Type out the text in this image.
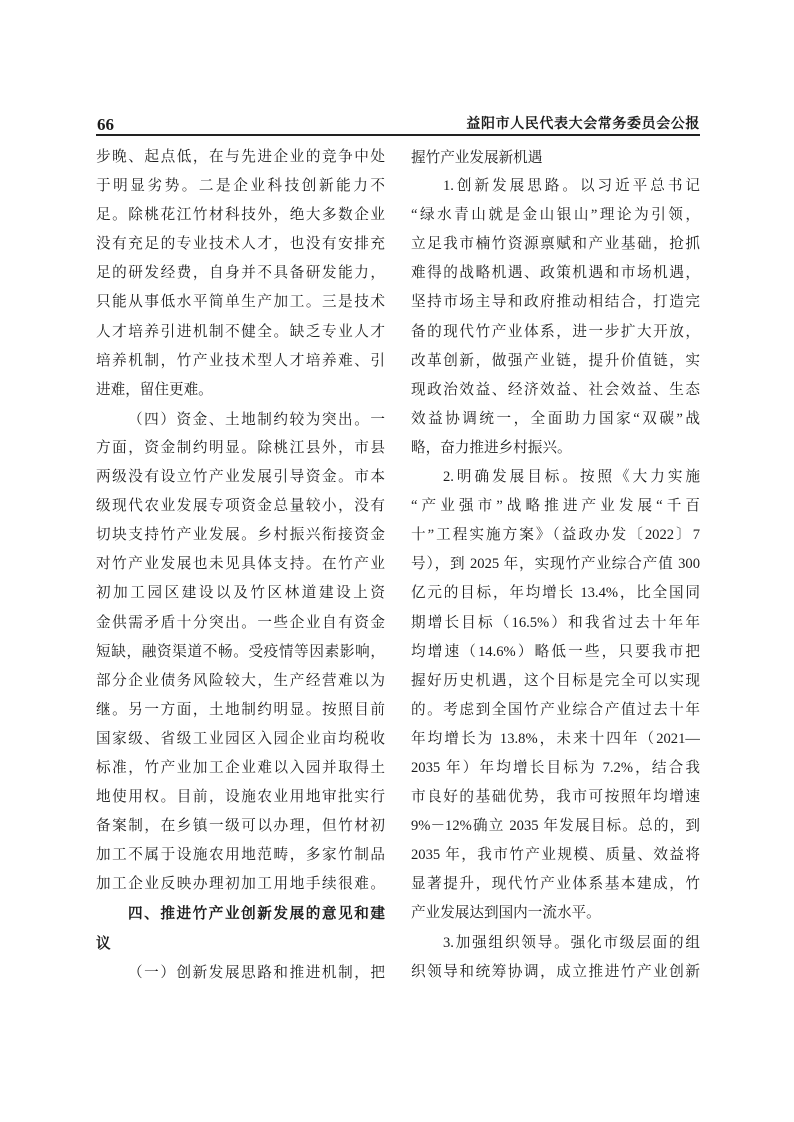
66	益阳市人民代表大会常务委员会公报
步晚、起点低，在与先进企业的竞争中处
于明显劣势。二是企业科技创新能力不
足。除桃花江竹材科技外，绝大多数企业
没有充足的专业技术人才，也没有安排充
足的研发经费，自身并不具备研发能力，
只能从事低水平简单生产加工。三是技术
人才培养引进机制不健全。缺乏专业人才
培养机制，竹产业技术型人才培养难、引
进难，留住更难。
（四）资金、土地制约较为突出。一
方面，资金制约明显。除桃江县外，市县
两级没有设立竹产业发展引导资金。市本
级现代农业发展专项资金总量较小，没有
切块支持竹产业发展。乡村振兴衔接资金
对竹产业发展也未见具体支持。在竹产业
初加工园区建设以及竹区林道建设上资
金供需矛盾十分突出。一些企业自有资金
短缺，融资渠道不畅。受疫情等因素影响，
部分企业债务风险较大，生产经营难以为
继。另一方面，土地制约明显。按照目前
国家级、省级工业园区入园企业亩均税收
标准，竹产业加工企业难以入园并取得土
地使用权。目前，设施农业用地审批实行
备案制，在乡镇一级可以办理，但竹材初
加工不属于设施农用地范畴，多家竹制品
加工企业反映办理初加工用地手续很难。
四、推进竹产业创新发展的意见和建
议
（一）创新发展思路和推进机制，把
握竹产业发展新机遇
1.创新发展思路。以习近平总书记
“绿水青山就是金山银山”理论为引领，
立足我市楠竹资源禀赋和产业基础，抢抓
难得的战略机遇、政策机遇和市场机遇，
坚持市场主导和政府推动相结合，打造完
备的现代竹产业体系，进一步扩大开放，
改革创新，做强产业链，提升价值链，实
现政治效益、经济效益、社会效益、生态
效益协调统一，全面助力国家“双碳”战
略，奋力推进乡村振兴。
2.明确发展目标。按照《大力实施
“产业强市”战略推进产业发展“千百
十”工程实施方案》（益政办发〔2022〕7
号），到 2025 年，实现竹产业综合产值 300
亿元的目标，年均增长 13.4%，比全国同
期增长目标（16.5%）和我省过去十年年
均增速（14.6%）略低一些，只要我市把
握好历史机遇，这个目标是完全可以实现
的。考虑到全国竹产业综合产值过去十年
年均增长为 13.8%，未来十四年（2021—
2035 年）年均增长目标为 7.2%，结合我
市良好的基础优势，我市可按照年均增速
9%－12%确立 2035 年发展目标。总的，到
2035 年，我市竹产业规模、质量、效益将
显著提升，现代竹产业体系基本建成，竹
产业发展达到国内一流水平。
3.加强组织领导。强化市级层面的组
织领导和统筹协调，成立推进竹产业创新
